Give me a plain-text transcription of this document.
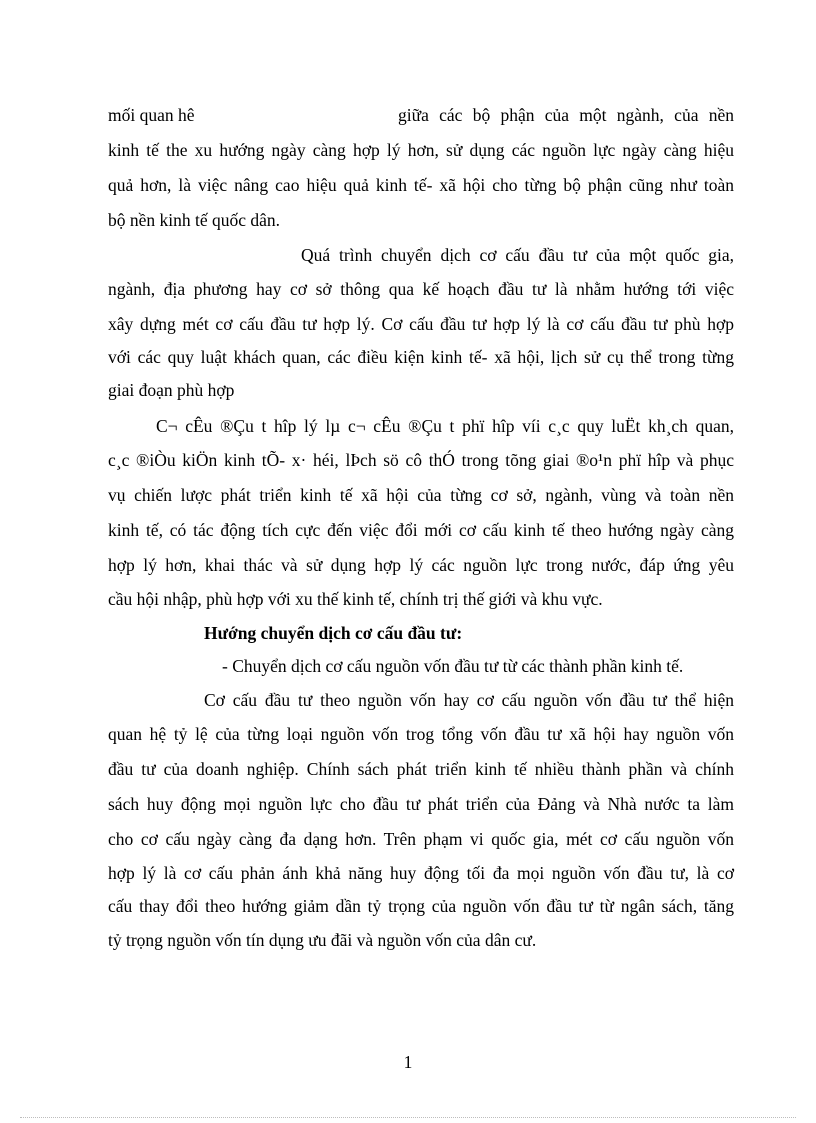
mối quan hê	giữa các bộ phận của một ngành, của nền
kinh tế the xu hướng ngày càng hợp lý hơn, sử dụng các nguồn lực ngày càng hiệu
quả hơn, là việc nâng cao hiệu quả kinh tế- xã hội cho từng bộ phận cũng như toàn
bộ nền kinh tế quốc dân.
Quá trình chuyển dịch cơ cấu đầu tư của một quốc gia,
ngành, địa phương hay cơ sở thông qua kế hoạch đầu tư là nhằm hướng tới việc
xây dựng mét cơ cấu đầu tư hợp lý. Cơ cấu đầu tư hợp lý là cơ cấu đầu tư phù hợp
với các quy luật khách quan, các điều kiện kinh tế- xã hội, lịch sử cụ thể trong từng
giai đoạn phù hợp
C¬ cÊu ®Çu t hîp lý lµ c¬ cÊu ®Çu t phï hîp víi c¸c quy luËt kh¸ch quan,
c¸c ®iÒu kiÖn kinh tÕ- x· héi, lÞch sö cô thÓ trong tõng giai ®o¹n phï hîp và phục
vụ chiến lược phát triển kinh tế xã hội của từng cơ sở, ngành, vùng và toàn nền
kinh tế, có tác động tích cực đến việc đổi mới cơ cấu kinh tế theo hướng ngày càng
hợp lý hơn, khai thác và sử dụng hợp lý các nguồn lực trong nước, đáp ứng yêu
cầu hội nhập, phù hợp với xu thế kinh tế, chính trị thế giới và khu vực.
Hướng chuyển dịch cơ cấu đầu tư:
- Chuyển dịch cơ cấu nguồn vốn đầu tư từ các thành phần kinh tế.
Cơ cấu đầu tư theo nguồn vốn hay cơ cấu nguồn vốn đầu tư thể hiện
quan hệ tỷ lệ của từng loại nguồn vốn trog tổng vốn đầu tư xã hội hay nguồn vốn
đầu tư của doanh nghiệp. Chính sách phát triển kinh tế nhiều thành phần và chính
sách huy động mọi nguồn lực cho đầu tư phát triển của Đảng và Nhà nước ta làm
cho cơ cấu ngày càng đa dạng hơn. Trên phạm vi quốc gia, mét cơ cấu nguồn vốn
hợp lý là cơ cấu phản ánh khả năng huy động tối đa mọi nguồn vốn đầu tư, là cơ
cấu thay đổi theo hướng giảm dần tỷ trọng của nguồn vốn đầu tư từ ngân sách, tăng
tỷ trọng nguồn vốn tín dụng ưu đãi và nguồn vốn của dân cư.
1
